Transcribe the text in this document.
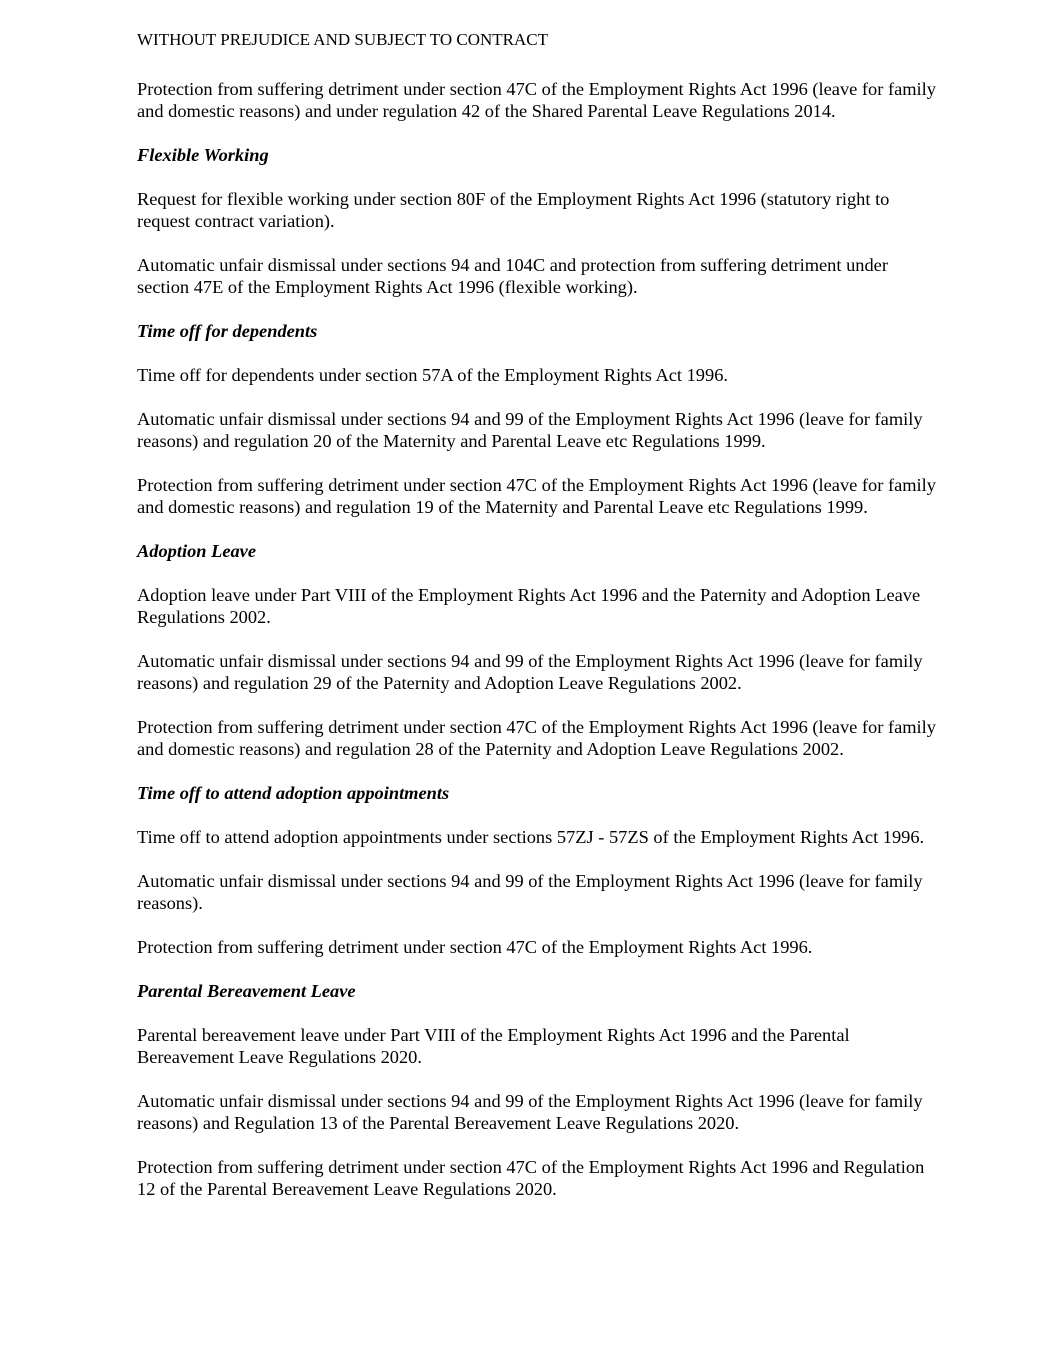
WITHOUT PREJUDICE AND SUBJECT TO CONTRACT

Protection from suffering detriment under section 47C of the Employment Rights Act 1996 (leave for family and domestic reasons) and under regulation 42 of the Shared Parental Leave Regulations 2014.

Flexible Working

Request for flexible working under section 80F of the Employment Rights Act 1996 (statutory right to request contract variation).

Automatic unfair dismissal under sections 94 and 104C and protection from suffering detriment under section 47E of the Employment Rights Act 1996 (flexible working).

Time off for dependents

Time off for dependents under section 57A of the Employment Rights Act 1996.

Automatic unfair dismissal under sections 94 and 99 of the Employment Rights Act 1996 (leave for family reasons) and regulation 20 of the Maternity and Parental Leave etc Regulations 1999.

Protection from suffering detriment under section 47C of the Employment Rights Act 1996 (leave for family and domestic reasons) and regulation 19 of the Maternity and Parental Leave etc Regulations 1999.

Adoption Leave

Adoption leave under Part VIII of the Employment Rights Act 1996 and the Paternity and Adoption Leave Regulations 2002.

Automatic unfair dismissal under sections 94 and 99 of the Employment Rights Act 1996 (leave for family reasons) and regulation 29 of the Paternity and Adoption Leave Regulations 2002.

Protection from suffering detriment under section 47C of the Employment Rights Act 1996 (leave for family and domestic reasons) and regulation 28 of the Paternity and Adoption Leave Regulations 2002.

Time off to attend adoption appointments

Time off to attend adoption appointments under sections 57ZJ - 57ZS of the Employment Rights Act 1996.

Automatic unfair dismissal under sections 94 and 99 of the Employment Rights Act 1996 (leave for family reasons).

Protection from suffering detriment under section 47C of the Employment Rights Act 1996.

Parental Bereavement Leave

Parental bereavement leave under Part VIII of the Employment Rights Act 1996 and the Parental Bereavement Leave Regulations 2020.

Automatic unfair dismissal under sections 94 and 99 of the Employment Rights Act 1996 (leave for family reasons) and Regulation 13 of the Parental Bereavement Leave Regulations 2020.

Protection from suffering detriment under section 47C of the Employment Rights Act 1996 and Regulation 12 of the Parental Bereavement Leave Regulations 2020.
